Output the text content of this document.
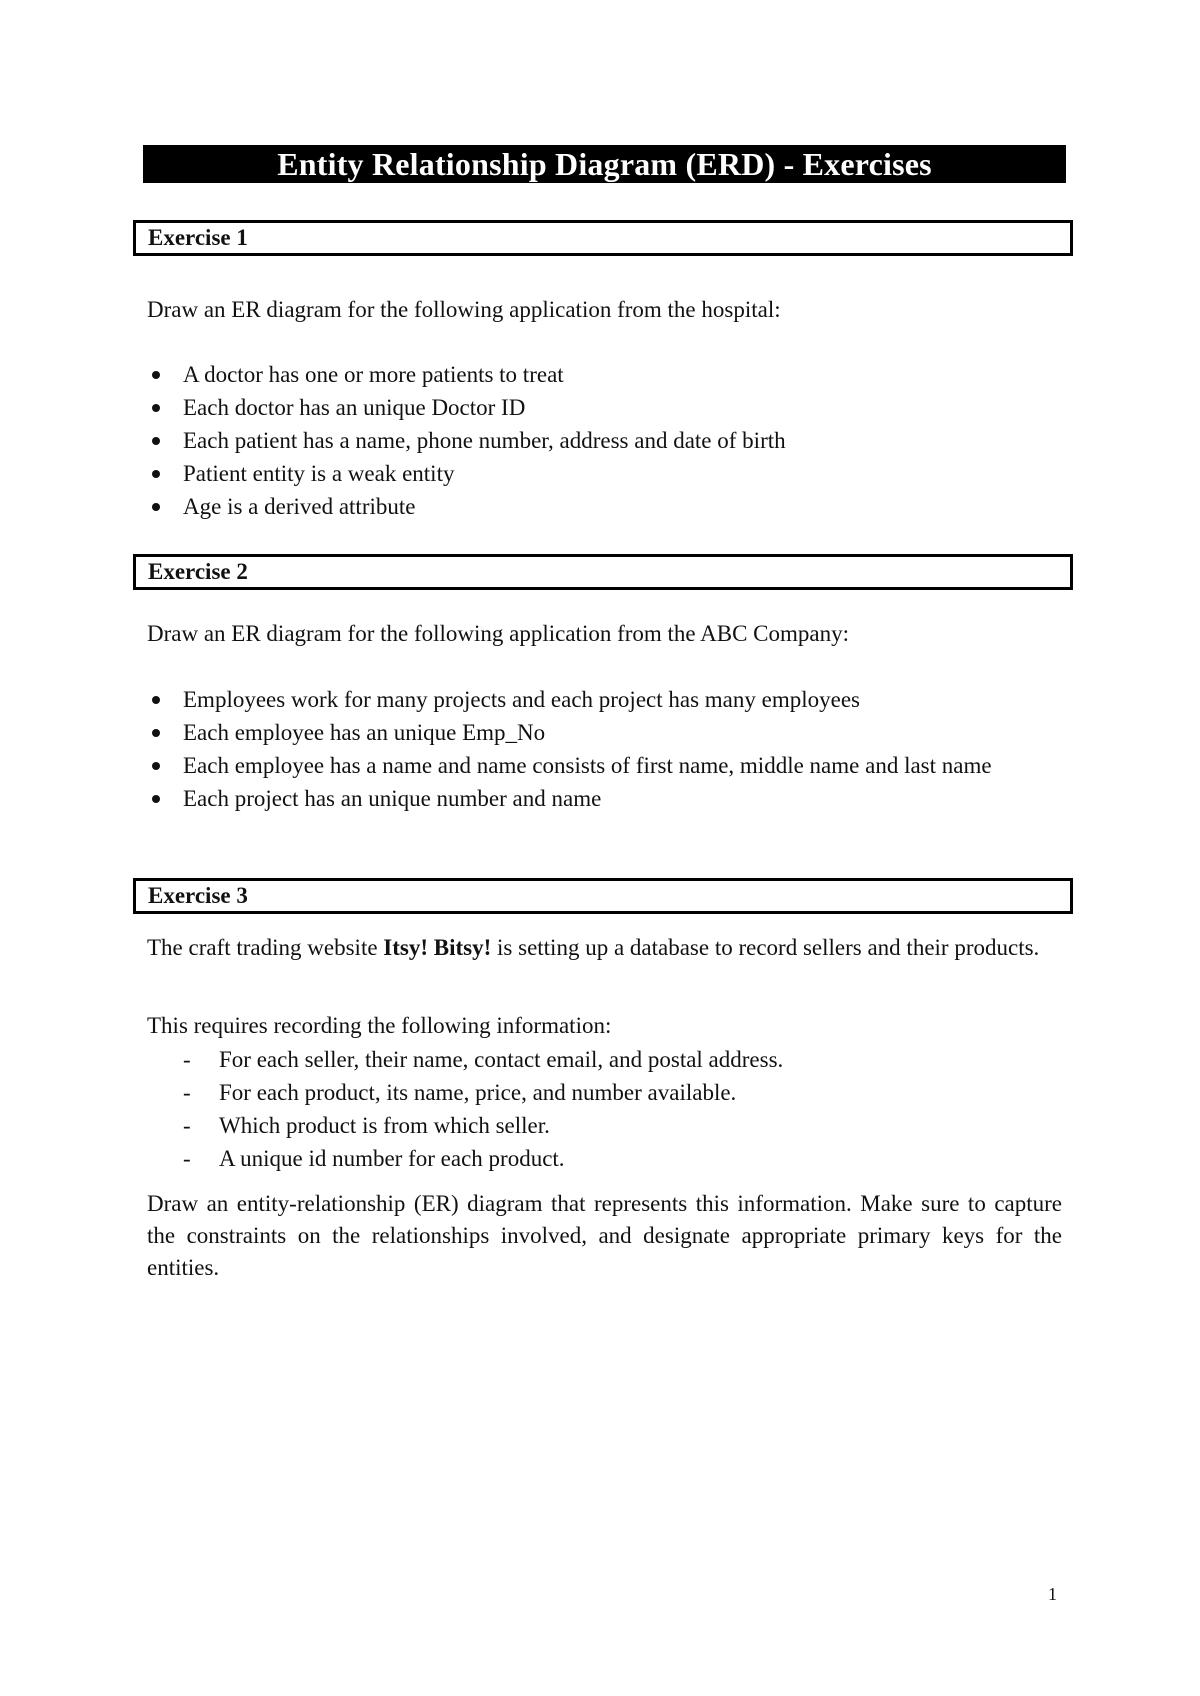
Entity Relationship Diagram (ERD) - Exercises
Exercise 1

Draw an ER diagram for the following application from the hospital:

A doctor has one or more patients to treat
Each doctor has an unique Doctor ID
Each patient has a name, phone number, address and date of birth
Patient entity is a weak entity
Age is a derived attribute
Exercise 2

Draw an ER diagram for the following application from the ABC Company:

Employees work for many projects and each project has many employees
Each employee has an unique Emp_No
Each employee has a name and name consists of first name, middle name and last name
Each project has an unique number and name
Exercise 3

The craft trading website Itsy! Bitsy! is setting up a database to record sellers and their products.

This requires recording the following information:

- For each seller, their name, contact email, and postal address.
- For each product, its name, price, and number available.
- Which product is from which seller.
- A unique id number for each product.

Draw an entity-relationship (ER) diagram that represents this information. Make sure to capture the constraints on the relationships involved, and designate appropriate primary keys for the entities.

1
